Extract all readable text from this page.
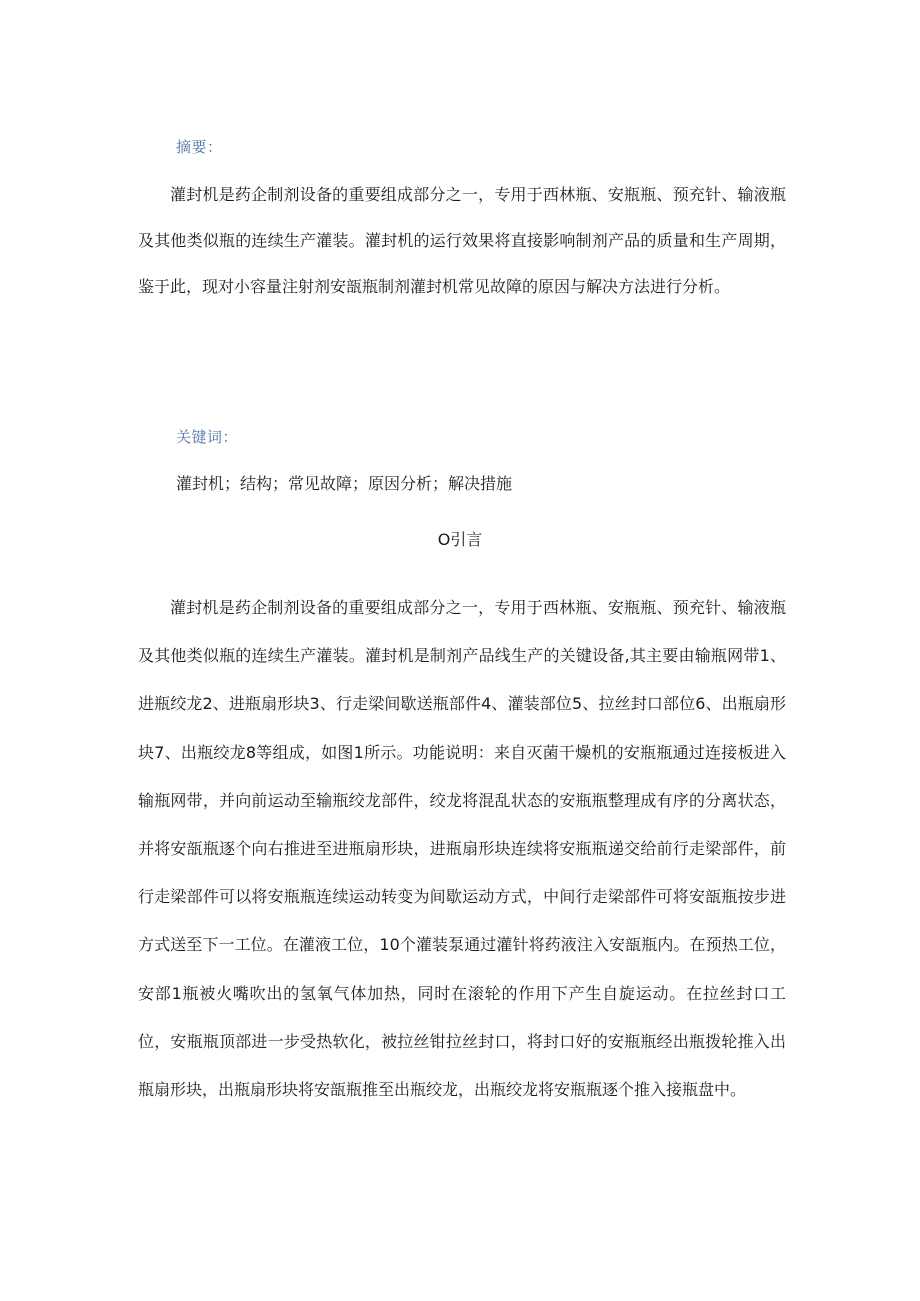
摘要：

灌封机是药企制剂设备的重要组成部分之一，专用于西林瓶、安瓶瓶、预充针、输液瓶及其他类似瓶的连续生产灌装。灌封机的运行效果将直接影响制剂产品的质量和生产周期，鉴于此，现对小容量注射剂安瓿瓶制剂灌封机常见故障的原因与解决方法进行分析。

关键词：
灌封机；结构；常见故障；原因分析；解决措施
O引言

灌封机是药企制剂设备的重要组成部分之一，专用于西林瓶、安瓶瓶、预充针、输液瓶及其他类似瓶的连续生产灌装。灌封机是制剂产品线生产的关键设备,其主要由输瓶网带1、进瓶绞龙2、进瓶扇形块3、行走梁间歇送瓶部件4、灌装部位5、拉丝封口部位6、出瓶扇形块7、出瓶绞龙8等组成，如图1所示。功能说明：来自灭菌干燥机的安瓶瓶通过连接板进入输瓶网带，并向前运动至输瓶绞龙部件，绞龙将混乱状态的安瓶瓶整理成有序的分离状态，并将安瓿瓶逐个向右推进至进瓶扇形块，进瓶扇形块连续将安瓶瓶递交给前行走梁部件，前行走梁部件可以将安瓶瓶连续运动转变为间歇运动方式，中间行走梁部件可将安瓿瓶按步进方式送至下一工位。在灌液工位，10个灌装泵通过灌针将药液注入安瓿瓶内。在预热工位，安部1瓶被火嘴吹出的氢氧气体加热，同时在滚轮的作用下产生自旋运动。在拉丝封口工位，安瓶瓶顶部进一步受热软化，被拉丝钳拉丝封口，将封口好的安瓶瓶经出瓶拨轮推入出瓶扇形块，出瓶扇形块将安瓿瓶推至出瓶绞龙，出瓶绞龙将安瓶瓶逐个推入接瓶盘中。
